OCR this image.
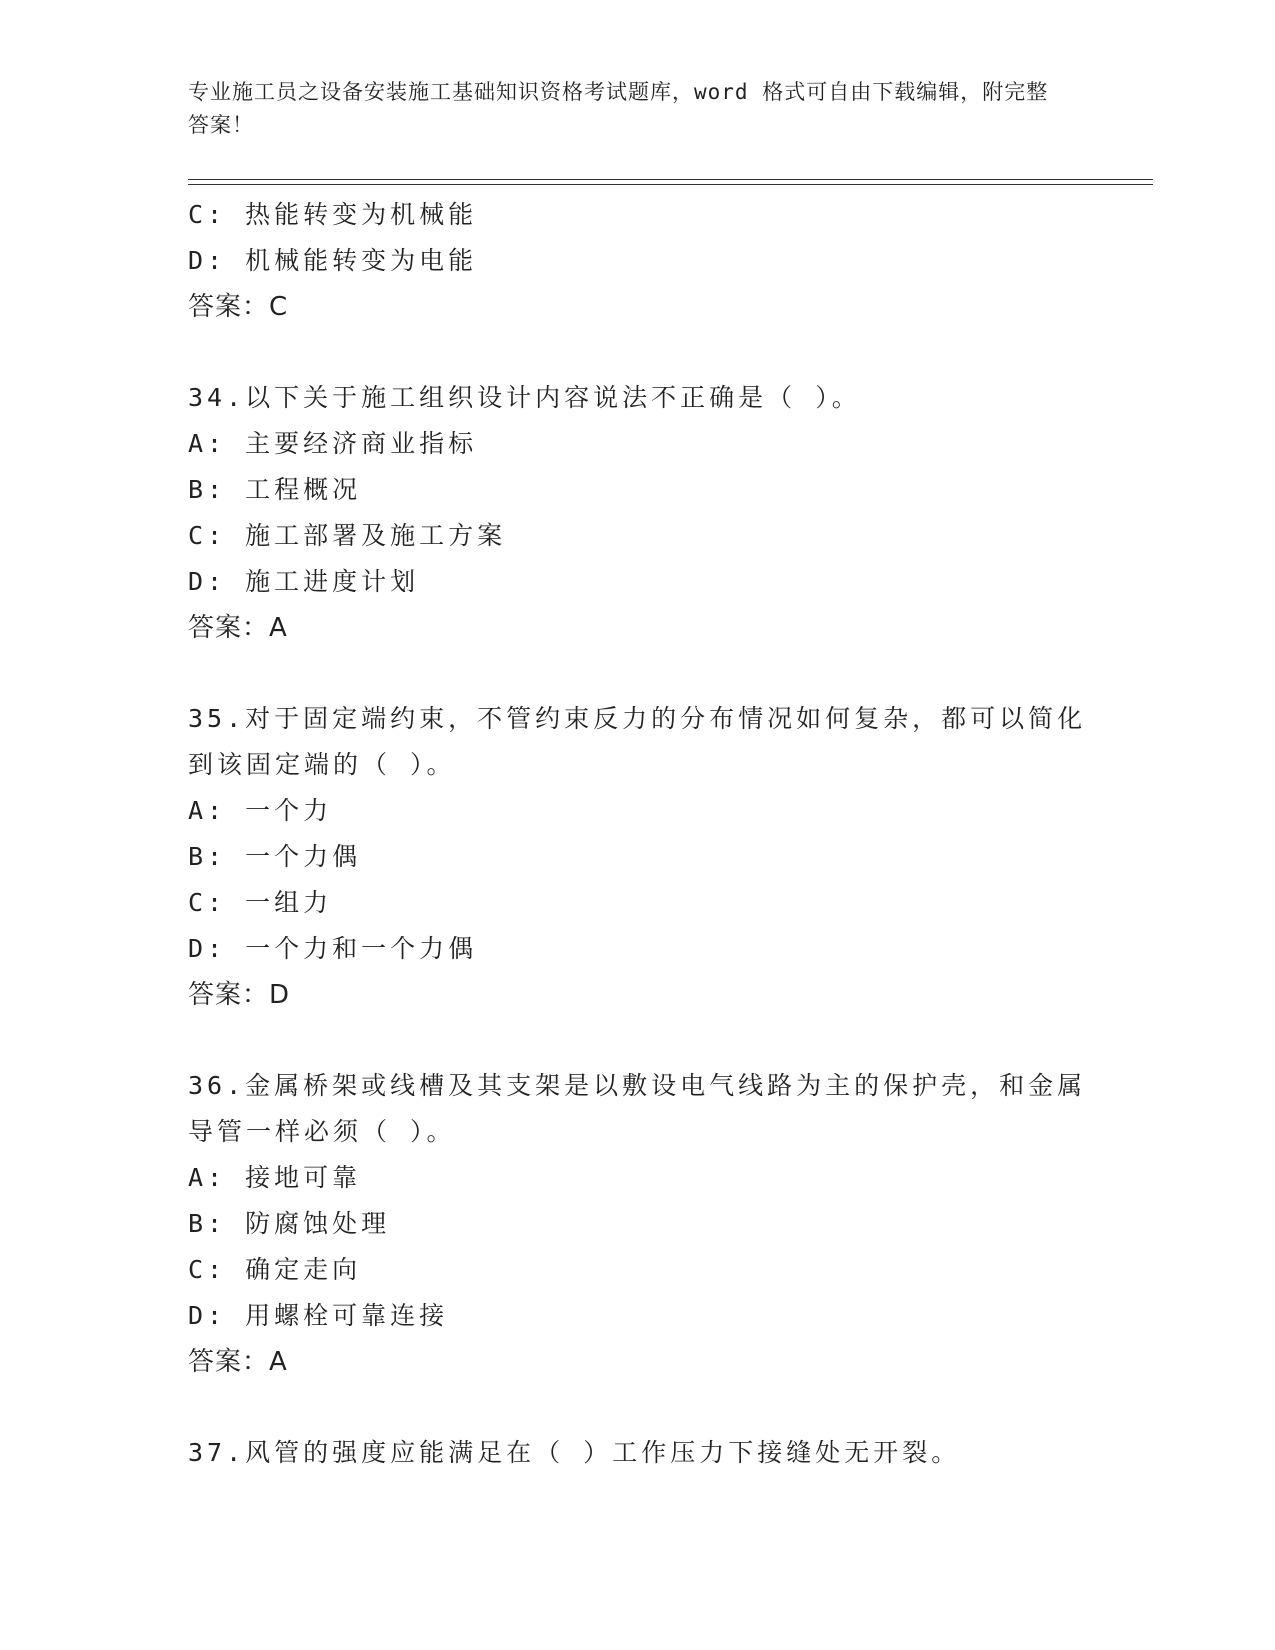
专业施工员之设备安装施工基础知识资格考试题库，word 格式可自由下载编辑，附完整答案！
C: 热能转变为机械能
D: 机械能转变为电能
答案：C
34.以下关于施工组织设计内容说法不正确是（ ）。
A: 主要经济商业指标
B: 工程概况
C: 施工部署及施工方案
D: 施工进度计划
答案：A
35.对于固定端约束，不管约束反力的分布情况如何复杂，都可以简化到该固定端的（ ）。
A: 一个力
B: 一个力偶
C: 一组力
D: 一个力和一个力偶
答案：D
36.金属桥架或线槽及其支架是以敷设电气线路为主的保护壳，和金属导管一样必须（ ）。
A: 接地可靠
B: 防腐蚀处理
C: 确定走向
D: 用螺栓可靠连接
答案：A
37.风管的强度应能满足在（ ）工作压力下接缝处无开裂。
